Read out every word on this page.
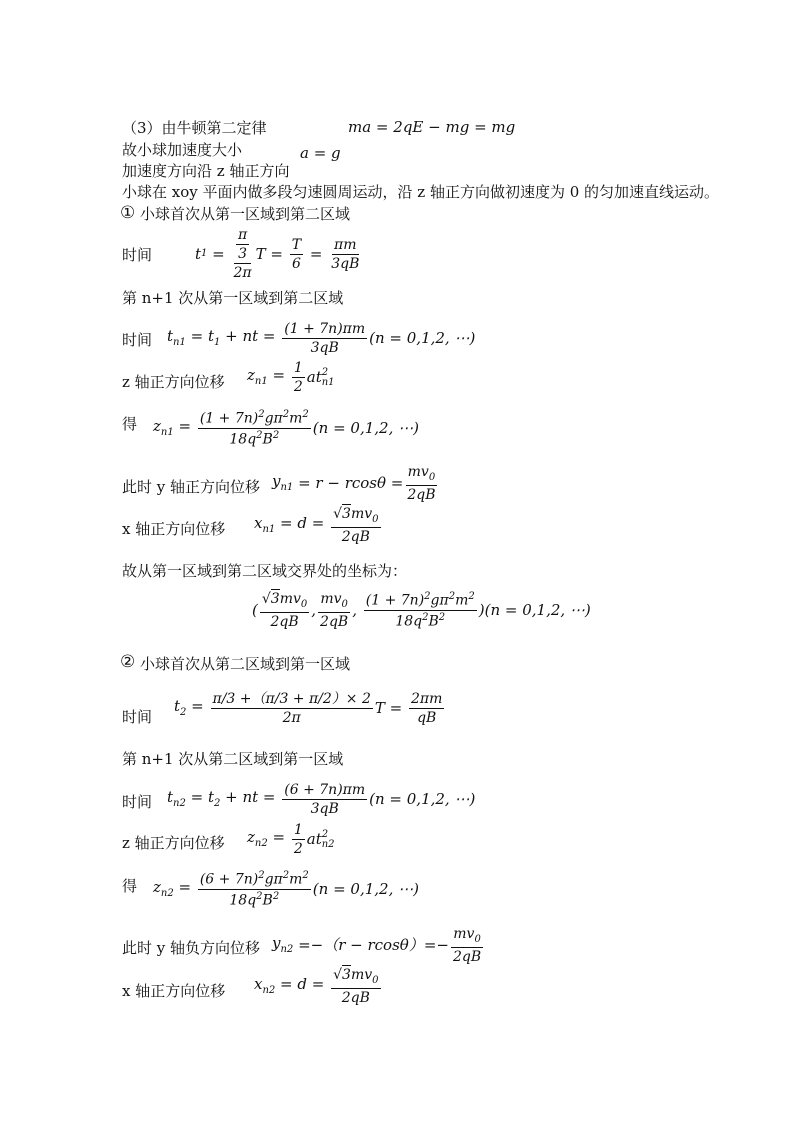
（3）由牛顿第二定律	ma = 2qE − mg = mg
故小球加速度大小	a = g
加速度方向沿 z 轴正方向
小球在 xoy 平面内做多段匀速圆周运动，沿 z 轴正方向做初速度为 0 的匀加速直线运动。
① 小球首次从第一区域到第二区域
时间	t $1 = \frac{\frac{\pi}{3}}{2\pi}$ $T = \frac{T}{6} = \frac{\pi m}{3qB}$
第 n+1 次从第一区域到第二区域
时间 $t_{n1} = t_1$ + nt = $\frac{(1 + 7n)\pi m}{3qB} (n = 0,1,2$, ⋯)
z 轴正方向位移 $z_{n1} = \frac{1}{2}$ at 2
n1
得 $z_{n1} = \frac{(1 + 7n)^2g\pi^2m^2}{18q^2B^2} (n = 0,1,2$, ⋯)
此时 y 轴正方向位移 $y_{n1} = r - rcos\theta = \frac{mv_0}{2qB}$
x 轴正方向位移 $x_{n1} = d = \frac{√3mv_0}{2qB}$
故从第一区域到第二区域交界处的坐标为：
( $\frac{√3mv_0}{2qB}$ , $\frac{mv_0}{2qB}$ , $\frac{(1 + 7n)^2g\pi^2m^2}{18q^2B^2}$ ) (n = 0,1,2, ⋯)
② 小球首次从第二区域到第一区域
时间
$t_2 = \frac{\pi/3 +(\pi/3 + \pi/2)\times 2}{2\pi}$ $T = \frac{2\pi m}{qB}$
第 n+1 次从第二区域到第一区域
时间 $t_{n2} = t_2$ + nt = $\frac{(6 + 7n)\pi m}{3qB} (n = 0,1,2$, ⋯)
z 轴正方向位移 $z_{n2} = \frac{1}{2}$ at 2
n2
得 $z_{n2} = \frac{(6 + 7n)^2g\pi^2m^2}{18q^2B^2} (n = 0,1,2$, ⋯)
此时 y 轴负方向位移 $y_{n2} =-(r - rcos\theta)=- \frac{mv_0}{2qB}$
x 轴正方向位移 $x_{n2} = d = \frac{√3mv_0}{2qB}$
